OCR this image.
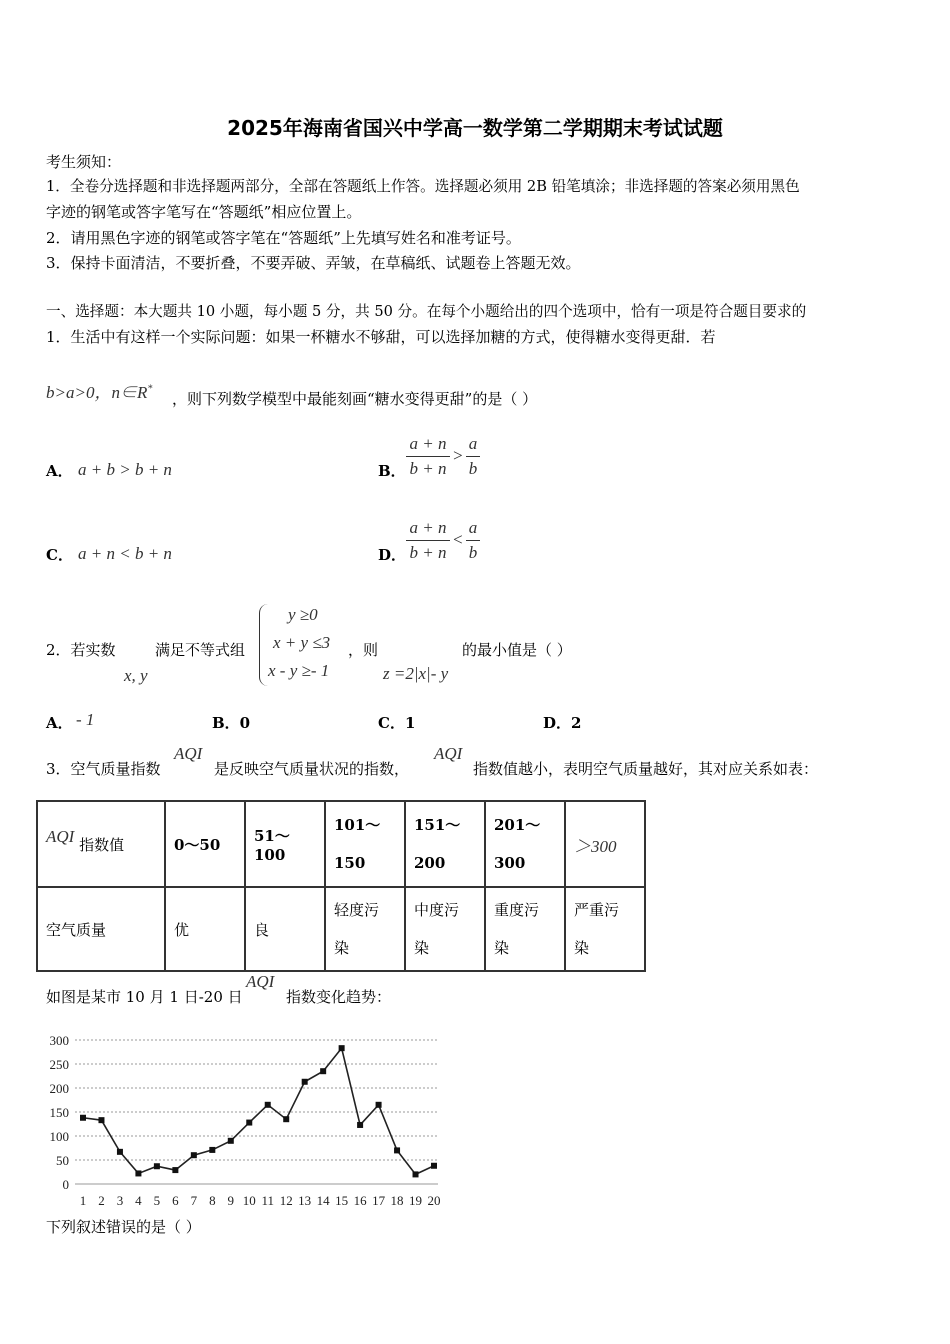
2025年海南省国兴中学高一数学第二学期期末考试试题
考生须知：
1．全卷分选择题和非选择题两部分，全部在答题纸上作答。选择题必须用 2B 铅笔填涂；非选择题的答案必须用黑色
字迹的钢笔或答字笔写在“答题纸”相应位置上。
2．请用黑色字迹的钢笔或答字笔在“答题纸”上先填写姓名和准考证号。
3．保持卡面清洁，不要折叠，不要弄破、弄皱，在草稿纸、试题卷上答题无效。
一、选择题：本大题共 10 小题，每小题 5 分，共 50 分。在每个小题给出的四个选项中，恰有一项是符合题目要求的
1．生活中有这样一个实际问题：如果一杯糖水不够甜，可以选择加糖的方式，使得糖水变得更甜．若
b>a>0，n∈R*
，则下列数学模型中最能刻画“糖水变得更甜”的是（ ）
A． a + b > b + n	B． $\frac{a + n}{b + n} > \frac{a}{b}$
C． a + n < b + n	D． $\frac{a + n}{b + n} < \frac{a}{b}$
2．若实数
x, y
满足不等式组
y ≥0
x + y ≤3
x - y ≥- 1
，则
z =2|x|- y
的最小值是（ ）
A． - 1	B．0	C．1	D．2
3．空气质量指数
AQI
是反映空气质量状况的指数，
AQI
指数值越小，表明空气质量越好，其对应关系如表：
AQI 指数值	0～50	51～100	101～
150	151～
200	201～
300	＞300
空气质量	优	良	轻度污
染	中度污
染	重度污
染	严重污
染
如图是某市 10 月 1 日-20 日
AQI
指数变化趋势：
0
50
100
150
200
250
300
1 2 3 4 5 6 7 8 9 10 11 12 13 14 15 16 17 18 19 20
下列叙述错误的是（ ）
